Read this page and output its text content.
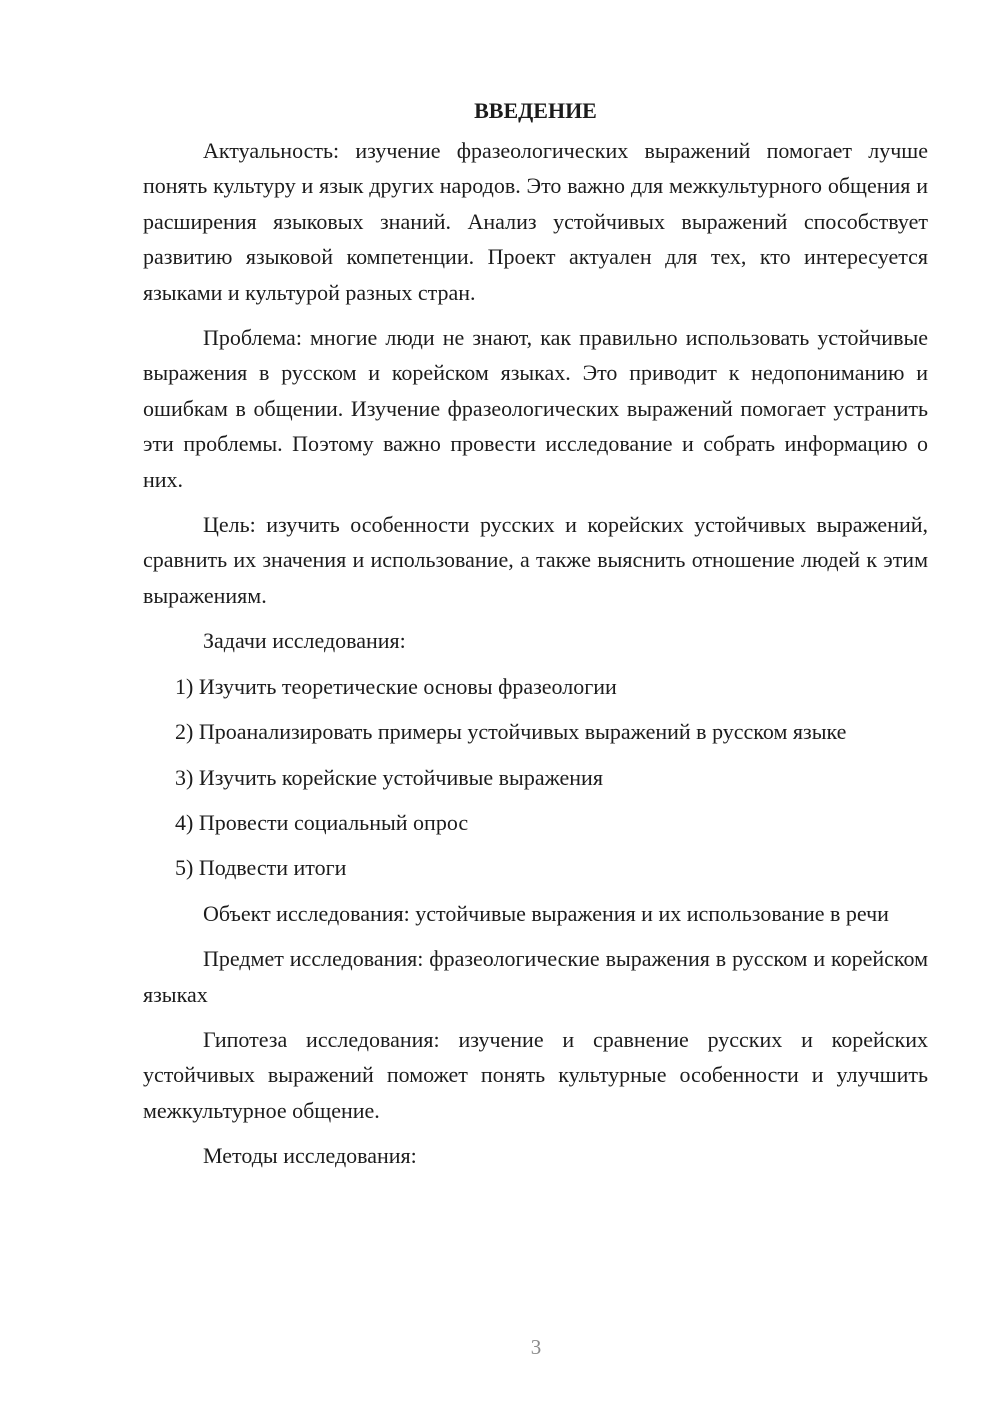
ВВЕДЕНИЕ

Актуальность: изучение фразеологических выражений помогает лучше понять культуру и язык других народов. Это важно для межкультурного общения и расширения языковых знаний. Анализ устойчивых выражений способствует развитию языковой компетенции. Проект актуален для тех, кто интересуется языками и культурой разных стран.

Проблема: многие люди не знают, как правильно использовать устойчивые выражения в русском и корейском языках. Это приводит к недопониманию и ошибкам в общении. Изучение фразеологических выражений помогает устранить эти проблемы. Поэтому важно провести исследование и собрать информацию о них.

Цель: изучить особенности русских и корейских устойчивых выражений, сравнить их значения и использование, а также выяснить отношение людей к этим выражениям.

Задачи исследования:

1) Изучить теоретические основы фразеологии

2) Проанализировать примеры устойчивых выражений в русском языке

3) Изучить корейские устойчивые выражения

4) Провести социальный опрос

5) Подвести итоги

Объект исследования: устойчивые выражения и их использование в речи

Предмет исследования: фразеологические выражения в русском и корейском языках

Гипотеза исследования: изучение и сравнение русских и корейских устойчивых выражений поможет понять культурные особенности и улучшить межкультурное общение.

Методы исследования:

3
